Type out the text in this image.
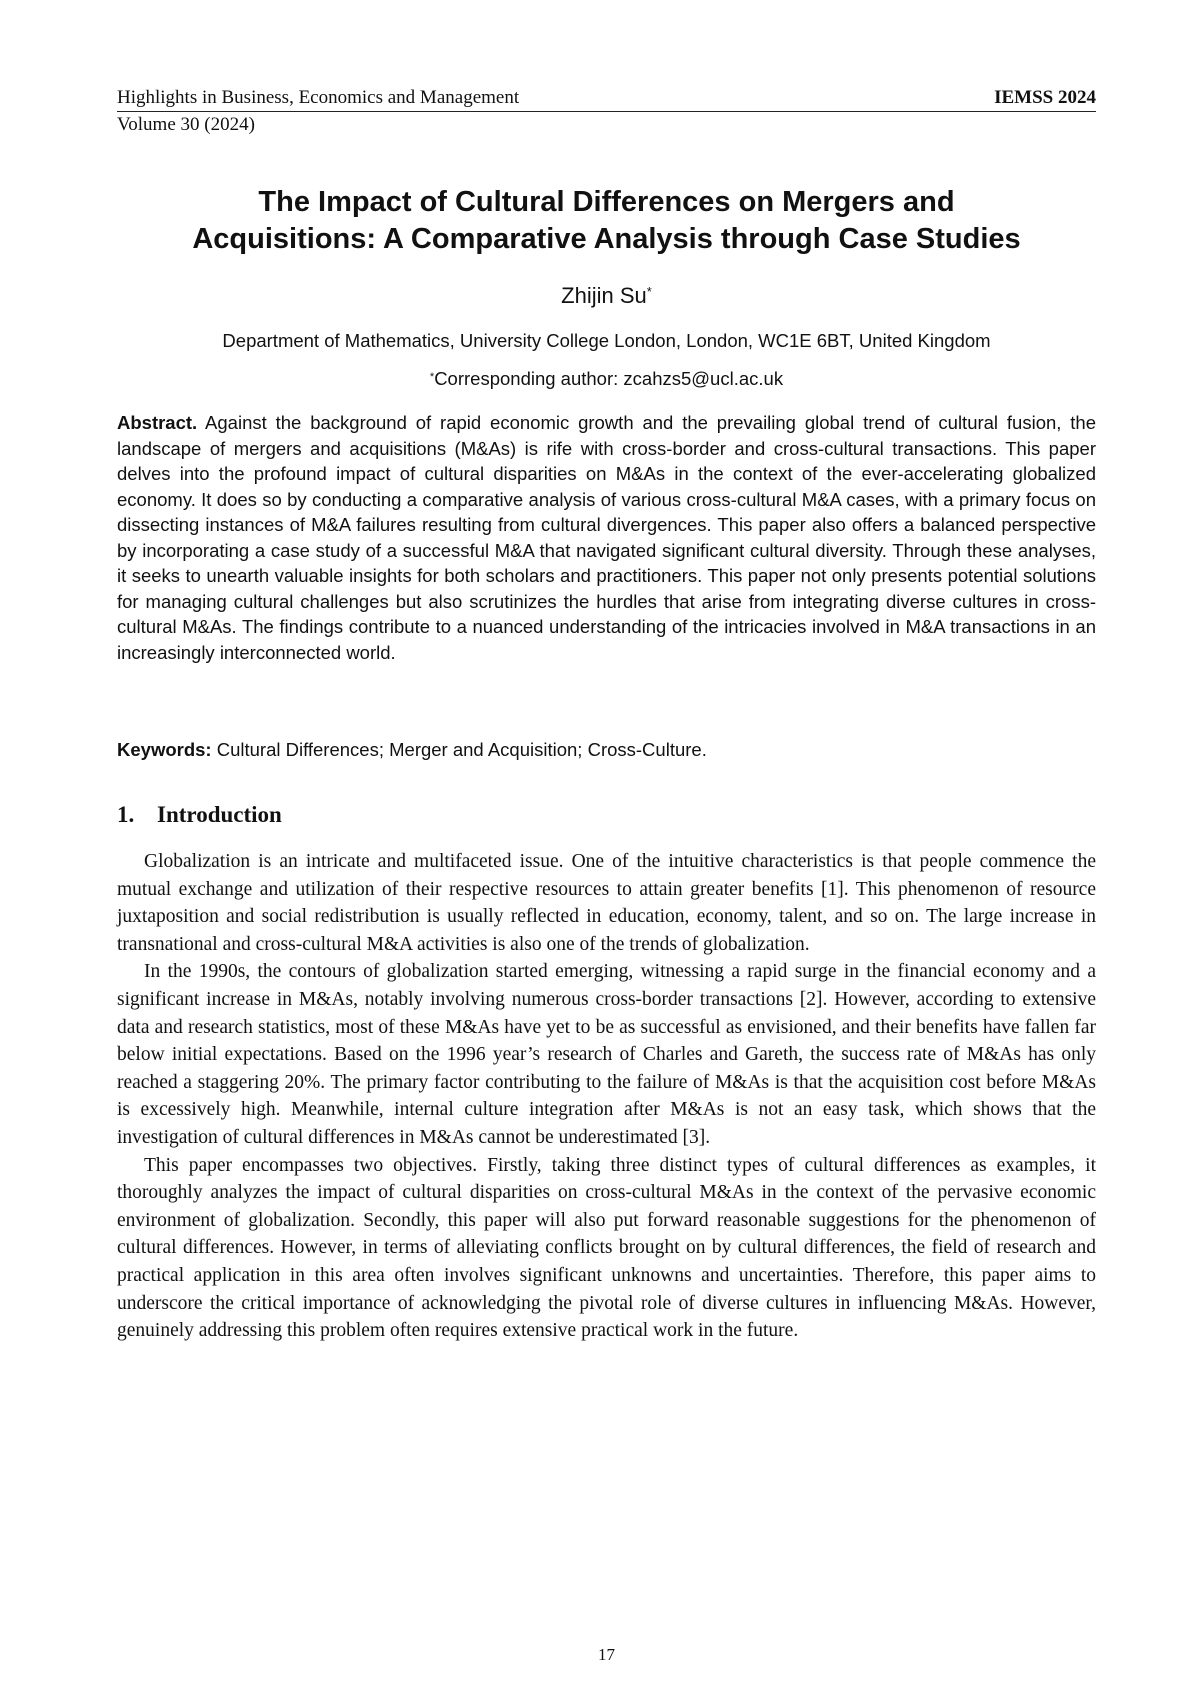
Highlights in Business, Economics and Management	IEMSS 2024
Volume 30 (2024)
The Impact of Cultural Differences on Mergers and
Acquisitions: A Comparative Analysis through Case Studies
Zhijin Su*
Department of Mathematics, University College London, London, WC1E 6BT, United Kingdom
*Corresponding author: zcahzs5@ucl.ac.uk

Abstract. Against the background of rapid economic growth and the prevailing global trend of cultural fusion, the landscape of mergers and acquisitions (M&As) is rife with cross-border and cross-cultural transactions. This paper delves into the profound impact of cultural disparities on M&As in the context of the ever-accelerating globalized economy. It does so by conducting a comparative analysis of various cross-cultural M&A cases, with a primary focus on dissecting instances of M&A failures resulting from cultural divergences. This paper also offers a balanced perspective by incorporating a case study of a successful M&A that navigated significant cultural diversity. Through these analyses, it seeks to unearth valuable insights for both scholars and practitioners. This paper not only presents potential solutions for managing cultural challenges but also scrutinizes the hurdles that arise from integrating diverse cultures in cross-cultural M&As. The findings contribute to a nuanced understanding of the intricacies involved in M&A transactions in an increasingly interconnected world.

Keywords: Cultural Differences; Merger and Acquisition; Cross-Culture.

1. Introduction

Globalization is an intricate and multifaceted issue. One of the intuitive characteristics is that people commence the mutual exchange and utilization of their respective resources to attain greater benefits [1]. This phenomenon of resource juxtaposition and social redistribution is usually reflected in education, economy, talent, and so on. The large increase in transnational and cross-cultural M&A activities is also one of the trends of globalization.

In the 1990s, the contours of globalization started emerging, witnessing a rapid surge in the financial economy and a significant increase in M&As, notably involving numerous cross-border transactions [2]. However, according to extensive data and research statistics, most of these M&As have yet to be as successful as envisioned, and their benefits have fallen far below initial expectations. Based on the 1996 year’s research of Charles and Gareth, the success rate of M&As has only reached a staggering 20%. The primary factor contributing to the failure of M&As is that the acquisition cost before M&As is excessively high. Meanwhile, internal culture integration after M&As is not an easy task, which shows that the investigation of cultural differences in M&As cannot be underestimated [3].

This paper encompasses two objectives. Firstly, taking three distinct types of cultural differences as examples, it thoroughly analyzes the impact of cultural disparities on cross-cultural M&As in the context of the pervasive economic environment of globalization. Secondly, this paper will also put forward reasonable suggestions for the phenomenon of cultural differences. However, in terms of alleviating conflicts brought on by cultural differences, the field of research and practical application in this area often involves significant unknowns and uncertainties. Therefore, this paper aims to underscore the critical importance of acknowledging the pivotal role of diverse cultures in influencing M&As. However, genuinely addressing this problem often requires extensive practical work in the future.

17
